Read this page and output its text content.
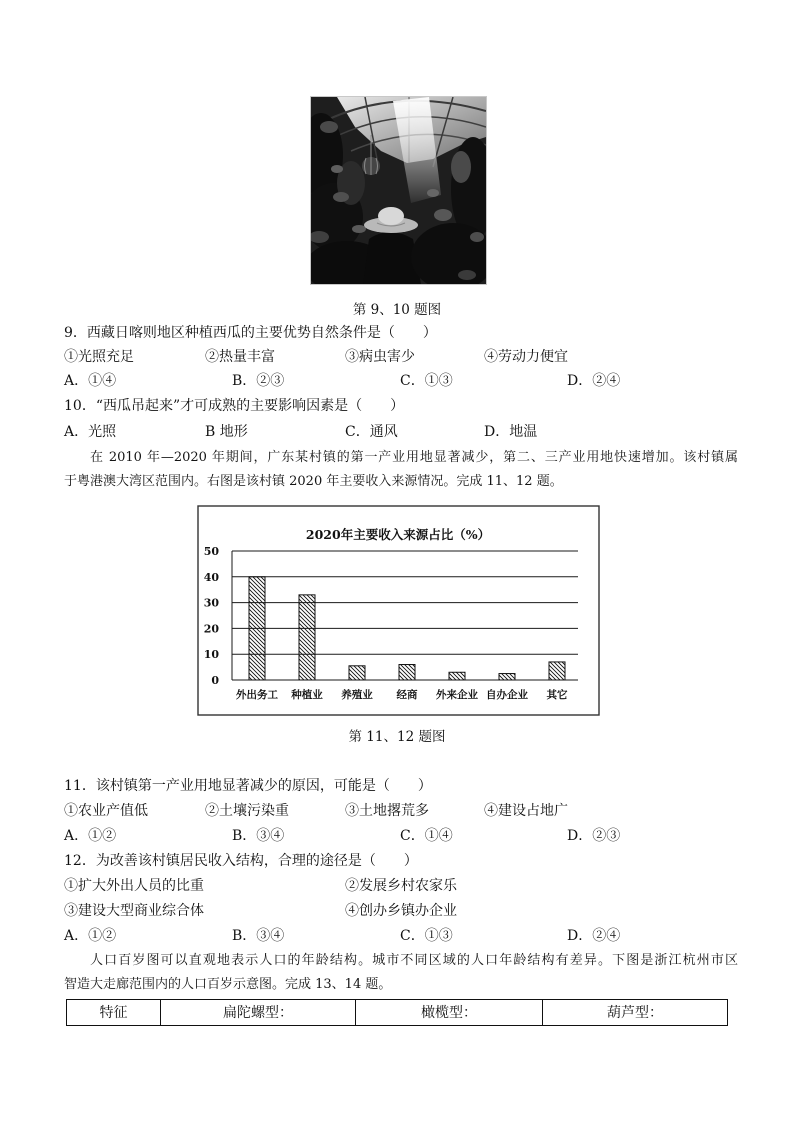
第 9、10 题图
9．西藏日喀则地区种植西瓜的主要优势自然条件是（　　）
①光照充足	②热量丰富	③病虫害少	④劳动力便宜
A．①④	B．②③	C．①③	D．②④
10．“西瓜吊起来”才可成熟的主要影响因素是（　　）
A．光照	B 地形	C．通风	D．地温
在 2010 年—2020 年期间，广东某村镇的第一产业用地显著减少，第二、三产业用地快速增加。该村镇属
于粤港澳大湾区范围内。右图是该村镇 2020 年主要收入来源情况。完成 11、12 题。
2020年主要收入来源占比（%）
0
10
20
30
40
50
外出务工 种植业 养殖业 经商 外来企业 自办企业 其它
第 11、12 题图
11．该村镇第一产业用地显著减少的原因，可能是（　　）
①农业产值低	②土壤污染重	③土地撂荒多	④建设占地广
A．①②	B．③④	C．①④	D．②③
12．为改善该村镇居民收入结构，合理的途径是（　　）
①扩大外出人员的比重	②发展乡村农家乐
③建设大型商业综合体	④创办乡镇办企业
A．①②	B．③④	C．①③	D．②④
人口百岁图可以直观地表示人口的年龄结构。城市不同区域的人口年龄结构有差异。下图是浙江杭州市区
智造大走廊范围内的人口百岁示意图。完成 13、14 题。
特征	扁陀螺型：	橄榄型：	葫芦型：
